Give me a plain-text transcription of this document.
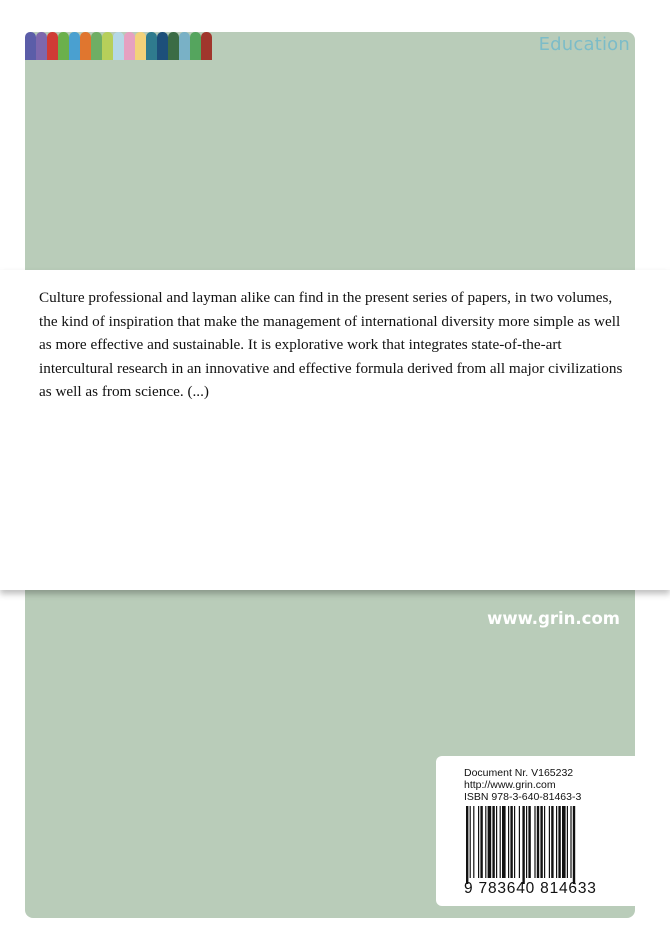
Education

Culture professional and layman alike can find in the present series of papers, in two volumes, the kind of inspiration that make the management of international diversity more simple as well as more effective and sustainable. It is explorative work that integrates state-of-the-art intercultural research in an innovative and effective formula derived from all major civilizations as well as from science. (...)

www.grin.com
Document Nr. V165232
http://www.grin.com
ISBN 978-3-640-81463-3
9 783640 814633
